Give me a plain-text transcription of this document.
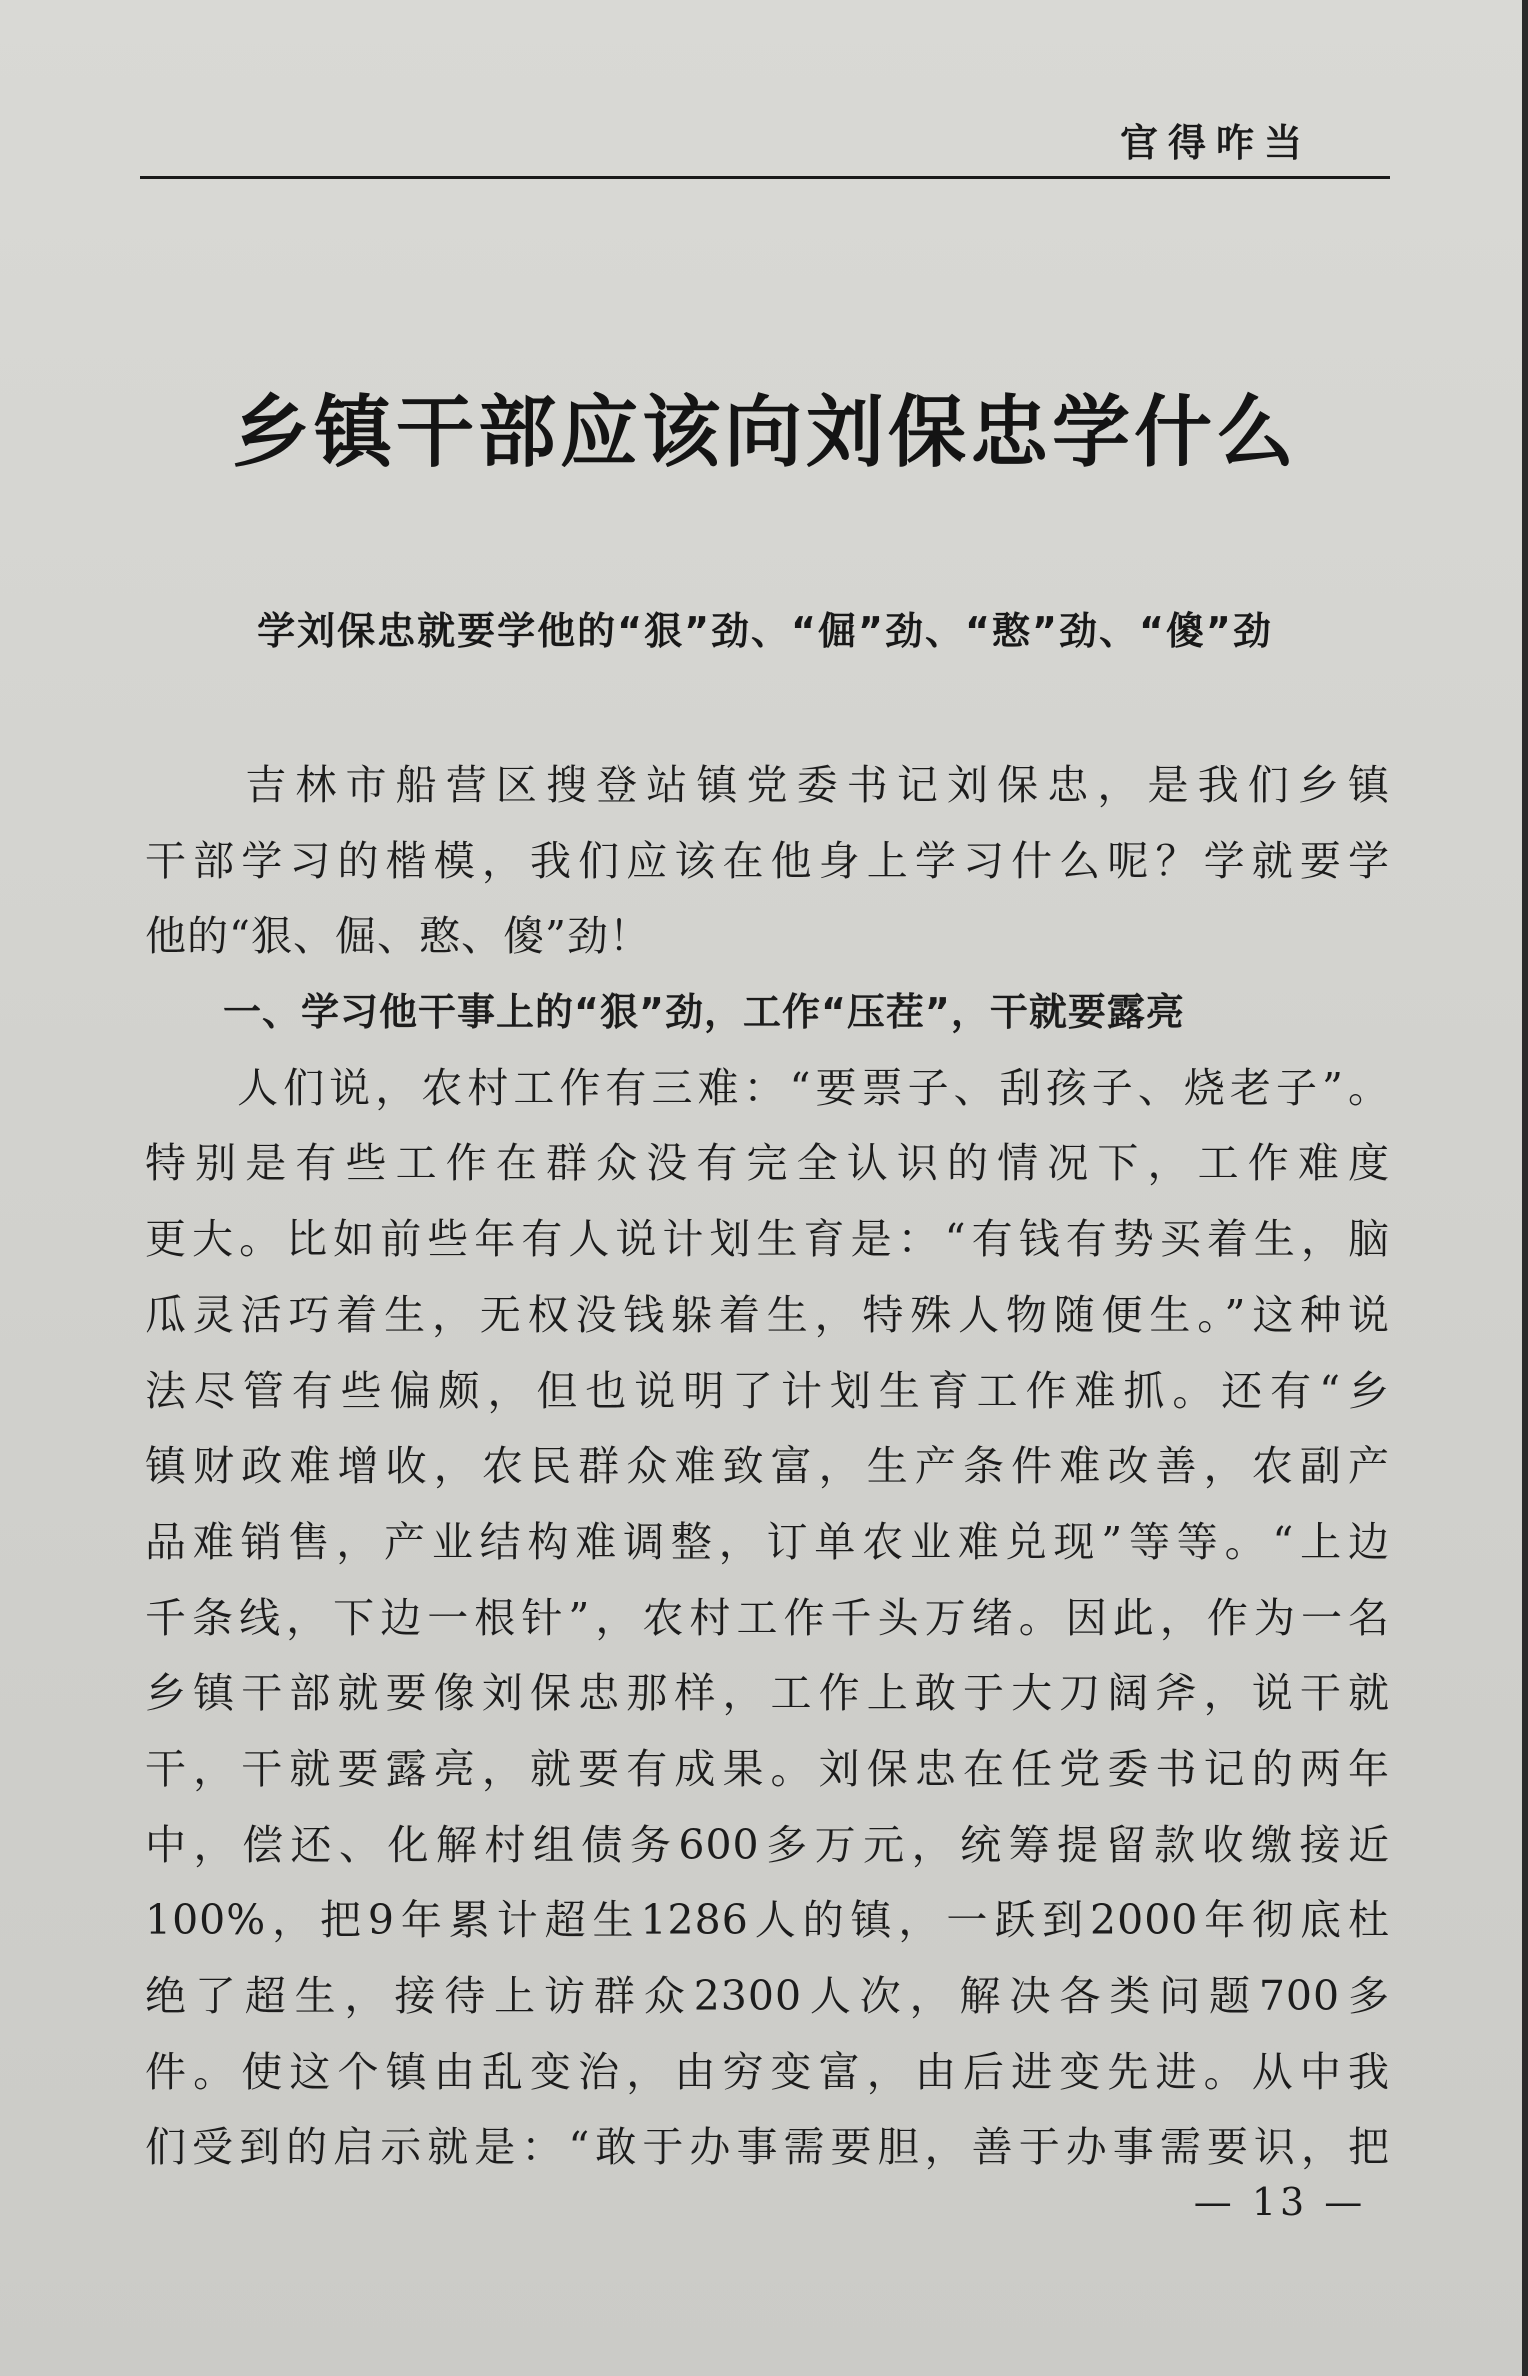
官得咋当
乡镇干部应该向刘保忠学什么
学刘保忠就要学他的“狠”劲、“倔”劲、“憨”劲、“傻”劲
　　吉林市船营区搜登站镇党委书记刘保忠，是我们乡镇
干部学习的楷模，我们应该在他身上学习什么呢？学就要学
他的“狠、倔、憨、傻”劲！
　　一、学习他干事上的“狠”劲，工作“压茬”，干就要露亮
　　人们说，农村工作有三难：“要票子、刮孩子、烧老子”。
特别是有些工作在群众没有完全认识的情况下，工作难度
更大。比如前些年有人说计划生育是：“有钱有势买着生，脑
瓜灵活巧着生，无权没钱躲着生，特殊人物随便生。”这种说
法尽管有些偏颇，但也说明了计划生育工作难抓。还有“乡
镇财政难增收，农民群众难致富，生产条件难改善，农副产
品难销售，产业结构难调整，订单农业难兑现”等等。“上边
千条线，下边一根针”，农村工作千头万绪。因此，作为一名
乡镇干部就要像刘保忠那样，工作上敢于大刀阔斧，说干就
干，干就要露亮，就要有成果。刘保忠在任党委书记的两年
中，偿还、化解村组债务600多万元，统筹提留款收缴接近
100%，把9年累计超生1286人的镇，一跃到2000年彻底杜
绝了超生，接待上访群众2300人次，解决各类问题700多
件。使这个镇由乱变治，由穷变富，由后进变先进。从中我
们受到的启示就是：“敢于办事需要胆，善于办事需要识，把
— 13 —
